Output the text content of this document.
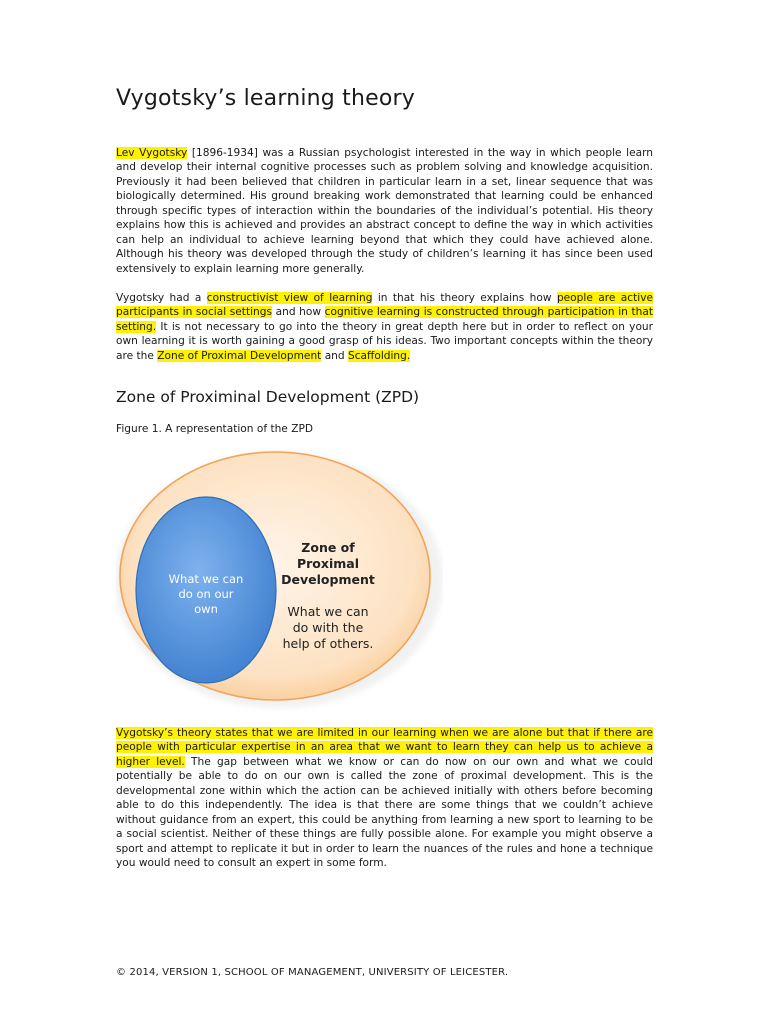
Vygotsky’s learning theory

Lev Vygotsky [1896-1934] was a Russian psychologist interested in the way in which people learn and develop their internal cognitive processes such as problem solving and knowledge acquisition. Previously it had been believed that children in particular learn in a set, linear sequence that was biologically determined. His ground breaking work demonstrated that learning could be enhanced through specific types of interaction within the boundaries of the individual’s potential. His theory explains how this is achieved and provides an abstract concept to define the way in which activities can help an individual to achieve learning beyond that which they could have achieved alone. Although his theory was developed through the study of children’s learning it has since been used extensively to explain learning more generally.

Vygotsky had a constructivist view of learning in that his theory explains how people are active participants in social settings and how cognitive learning is constructed through participation in that setting. It is not necessary to go into the theory in great depth here but in order to reflect on your own learning it is worth gaining a good grasp of his ideas. Two important concepts within the theory are the Zone of Proximal Development and Scaffolding.

Zone of Proximinal Development (ZPD)

Figure 1. A representation of the ZPD

What we can
do on our
own
Zone of
Proximal
Development
What we can
do with the
help of others.

Vygotsky’s theory states that we are limited in our learning when we are alone but that if there are people with particular expertise in an area that we want to learn they can help us to achieve a higher level. The gap between what we know or can do now on our own and what we could potentially be able to do on our own is called the zone of proximal development. This is the developmental zone within which the action can be achieved initially with others before becoming able to do this independently. The idea is that there are some things that we couldn’t achieve without guidance from an expert, this could be anything from learning a new sport to learning to be a social scientist. Neither of these things are fully possible alone. For example you might observe a sport and attempt to replicate it but in order to learn the nuances of the rules and hone a technique you would need to consult an expert in some form.

© 2014, VERSION 1, SCHOOL OF MANAGEMENT, UNIVERSITY OF LEICESTER.
